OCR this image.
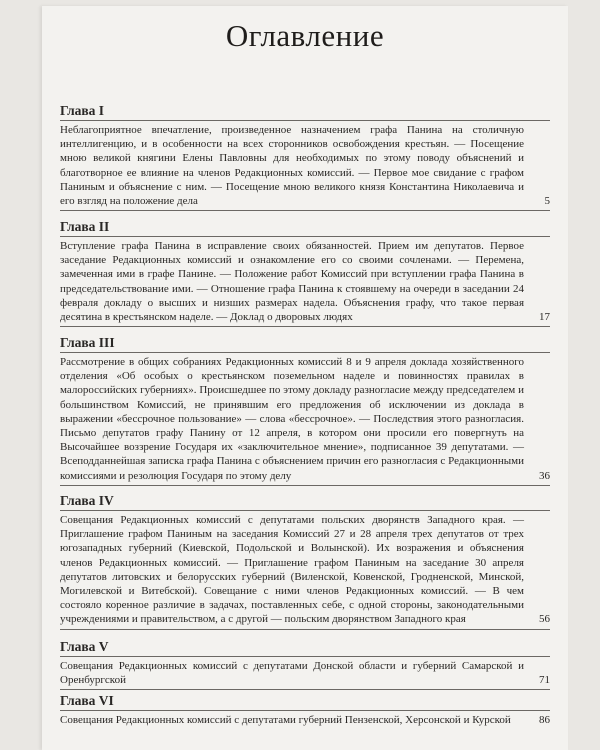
Оглавление
Глава I
Неблагоприятное впечатление, произведенное назначением графа Панина на столичную интеллигенцию, и в особенности на всех сторонников освобождения крестьян. — Посещение мною великой княгини Елены Павловны для необходимых по этому поводу объяснений и благотворное ее влияние на членов Редакционных комиссий. — Первое мое свидание с графом Паниным и объяснение с ним. — Посещение мною великого князя Константина Николаевича и его взгляд на положение дела	5
Глава II
Вступление графа Панина в исправление своих обязанностей. Прием им депутатов. Первое заседание Редакционных комиссий и ознакомление его со своими сочленами. — Перемена, замеченная ими в графе Панине. — Положение работ Комиссий при вступлении графа Панина в председательствование ими. — Отношение графа Панина к стоявшему на очереди в заседании 24 февраля докладу о высших и низших размерах надела. Объяснения графу, что такое первая десятина в крестьянском наделе. — Доклад о дворовых людях	17
Глава III
Рассмотрение в общих собраниях Редакционных комиссий 8 и 9 апреля доклада хозяйственного отделения «Об особых о крестьянском поземельном наделе и повинностях правилах в малороссийских губерниях». Происшедшее по этому докладу разногласие между председателем и большинством Комиссий, не принявшим его предложения об исключении из доклада в выражении «бессрочное пользование» — слова «бессрочное». — Последствия этого разногласия. Письмо депутатов графу Панину от 12 апреля, в котором они просили его повергнуть на Высочайшее воззрение Государя их «заключительное мнение», подписанное 39 депутатами. — Всеподданнейшая записка графа Панина с объяснением причин его разногласия с Редакционными комиссиями и резолюция Государя по этому делу	36
Глава IV
Совещания Редакционных комиссий с депутатами польских дворянств Западного края. — Приглашение графом Паниным на заседания Комиссий 27 и 28 апреля трех депутатов от трех югозападных губерний (Киевской, Подольской и Волынской). Их возражения и объяснения членов Редакционных комиссий. — Приглашение графом Паниным на заседание 30 апреля депутатов литовских и белорусских губерний (Виленской, Ковенской, Гродненской, Минской, Могилевской и Витебской). Совещание с ними членов Редакционных комиссий. — В чем состояло коренное различие в задачах, поставленных себе, с одной стороны, законодательными учреждениями и правительством, а с другой — польским дворянством Западного края	56
Глава V
Совещания Редакционных комиссий с депутатами Донской области и губерний Самарской и Оренбургской	71
Глава VI
Совещания Редакционных комиссий с депутатами губерний Пензенской, Херсонской и Курской	86
